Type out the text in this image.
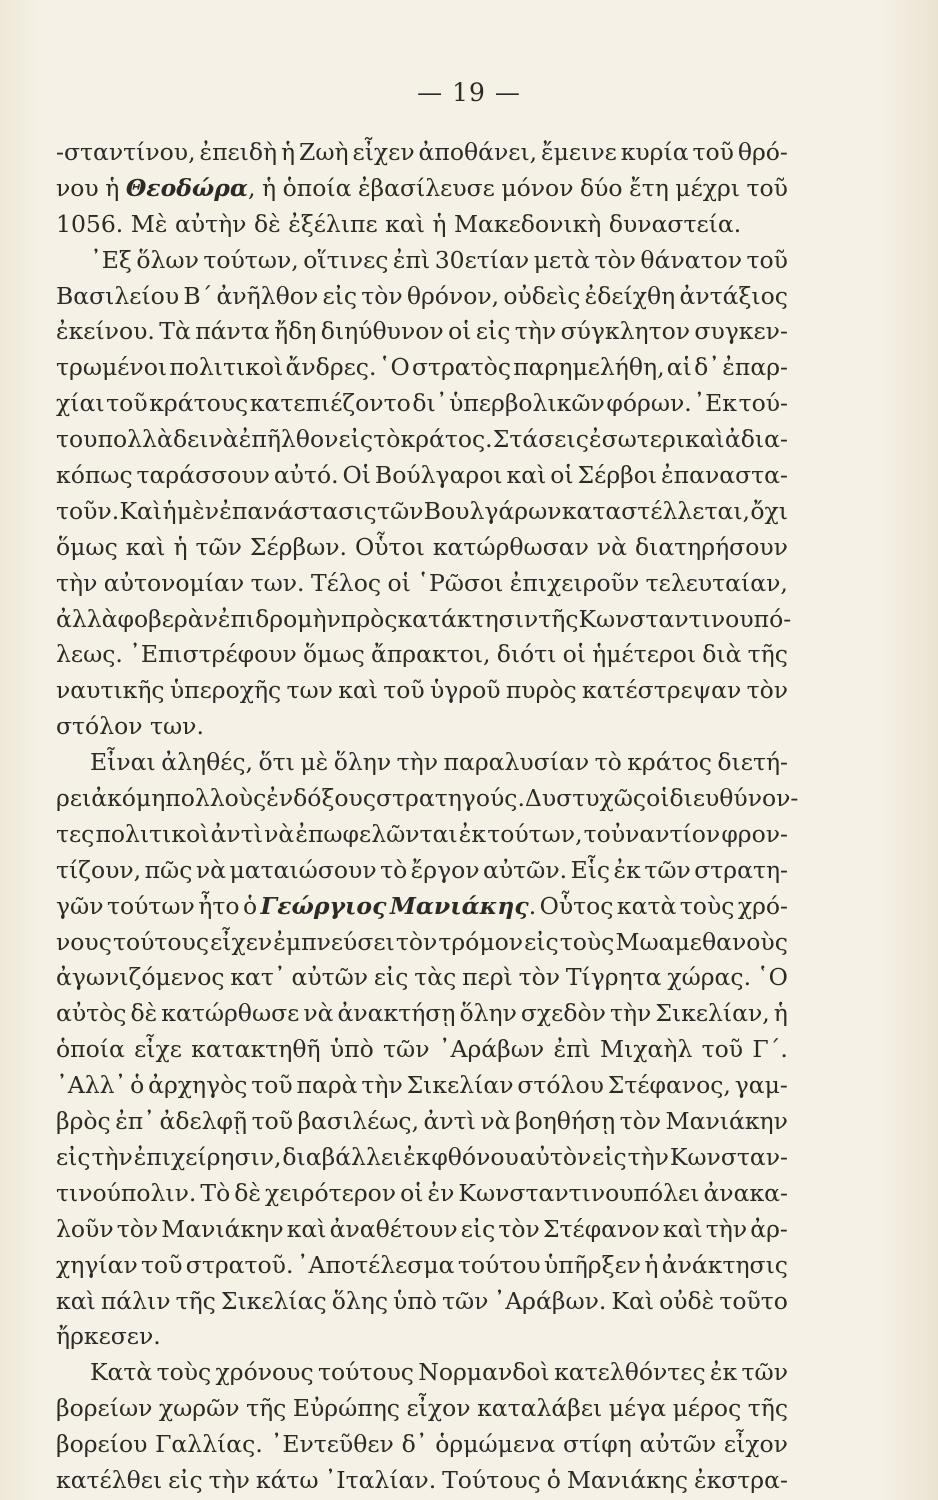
— 19 —
-σταντίνου, ἐπειδὴ ἡ Ζωὴ εἶχεν ἀποθάνει, ἔμεινε κυρία τοῦ θρό-
νου ἡ Θεοδώρα, ἡ ὁποία ἐβασίλευσε μόνον δύο ἔτη μέχρι τοῦ
1056.
Μὲ
αὐτὴν
δὲ
ἐξέλιπε
καὶ
ἡ
Μακεδονικὴ
δυναστεία.
᾿Εξ ὅλων τούτων, οἵτινες ἐπὶ 30ετίαν μετὰ τὸν θάνατον τοῦ
Βασιλείου Β΄ ἀνῆλθον εἰς τὸν θρόνον, οὐδεὶς ἐδείχθη ἀντάξιος
ἐκείνου. Τὰ πάντα ἤδη διηύθυνον οἱ εἰς τὴν σύγκλητον συγκεν-
τρωμένοι πολιτικοὶ ἄνδρες. ῾Ο στρατὸς παρημελήθη, αἱ δ᾿ ἐπαρ-
χίαι τοῦ κράτους κατεπιέζοντο δι᾿ ὑπερβολικῶν φόρων. ᾿Εκ τού-
του πολλὰ δεινὰ ἐπῆλθον εἰς τὸ κράτος. Στάσεις ἐσωτερικαὶ ἀδια-
κόπως ταράσσουν αὐτό. Οἱ Βούλγαροι καὶ οἱ Σέρβοι ἐπαναστα-
τοῦν. Καὶ ἡ μὲν ἐπανάστασις τῶν Βουλγάρων καταστέλλεται, ὄχι
ὅμως καὶ ἡ τῶν Σέρβων. Οὗτοι κατώρθωσαν νὰ διατηρήσουν
τὴν αὐτονομίαν των. Τέλος οἱ ῾Ρῶσοι ἐπιχειροῦν τελευταίαν,
ἀλλὰ φοβερὰν ἐπιδρομὴν πρὸς κατάκτησιν τῆς Κωνσταντινουπό-
λεως. ᾿Επιστρέφουν ὅμως ἄπρακτοι, διότι οἱ ἡμέτεροι διὰ τῆς
ναυτικῆς ὑπεροχῆς των καὶ τοῦ ὑγροῦ πυρὸς κατέστρεψαν τὸν
στόλον
των.
Εἶναι ἀληθές, ὅτι μὲ ὅλην τὴν παραλυσίαν τὸ κράτος διετή-
ρει ἀκόμη πολλοὺς ἐνδόξους στρατηγούς. Δυστυχῶς οἱ διευθύνον-
τες πολιτικοὶ ἀντὶ νὰ ἐπωφελῶνται ἐκ τούτων, τοὐναντίον φρον-
τίζουν, πῶς νὰ ματαιώσουν τὸ ἔργον αὐτῶν. Εἷς ἐκ τῶν στρατη-
γῶν τούτων ἦτο ὁ Γεώργιος Μανιάκης. Οὗτος κατὰ τοὺς χρό-
νους τούτους εἶχεν ἐμπνεύσει τὸν τρόμον εἰς τοὺς Μωαμεθανοὺς
ἀγωνιζόμενος κατ᾿ αὐτῶν εἰς τὰς περὶ τὸν Τίγρητα χώρας. ῾Ο
αὐτὸς δὲ κατώρθωσε νὰ ἀνακτήσῃ ὅλην σχεδὸν τὴν Σικελίαν, ἡ
ὁποία εἶχε κατακτηθῆ ὑπὸ τῶν ᾿Αράβων ἐπὶ Μιχαὴλ τοῦ Γ΄.
᾿Αλλ᾿ ὁ ἀρχηγὸς τοῦ παρὰ τὴν Σικελίαν στόλου Στέφανος, γαμ-
βρὸς ἐπ᾿ ἀδελφῇ τοῦ βασιλέως, ἀντὶ νὰ βοηθήσῃ τὸν Μανιάκην
εἰς τὴν ἐπιχείρησιν, διαβάλλει ἐκ φθόνου αὐτὸν εἰς τὴν Κωνσταν-
τινούπολιν. Τὸ δὲ χειρότερον οἱ ἐν Κωνσταντινουπόλει ἀνακα-
λοῦν τὸν Μανιάκην καὶ ἀναθέτουν εἰς τὸν Στέφανον καὶ τὴν ἀρ-
χηγίαν τοῦ στρατοῦ. ᾿Αποτέλεσμα τούτου ὑπῆρξεν ἡ ἀνάκτησις
καὶ πάλιν τῆς Σικελίας ὅλης ὑπὸ τῶν ᾿Αράβων. Καὶ οὐδὲ τοῦτο
ἤρκεσεν.
Κατὰ τοὺς χρόνους τούτους Νορμανδοὶ κατελθόντες ἐκ τῶν
βορείων χωρῶν τῆς Εὐρώπης εἶχον καταλάβει μέγα μέρος τῆς
βορείου Γαλλίας. ᾿Εντεῦθεν δ᾿ ὁρμώμενα στίφη αὐτῶν εἶχον
κατέλθει εἰς τὴν κάτω ᾿Ιταλίαν. Τούτους ὁ Μανιάκης ἐκστρα-
